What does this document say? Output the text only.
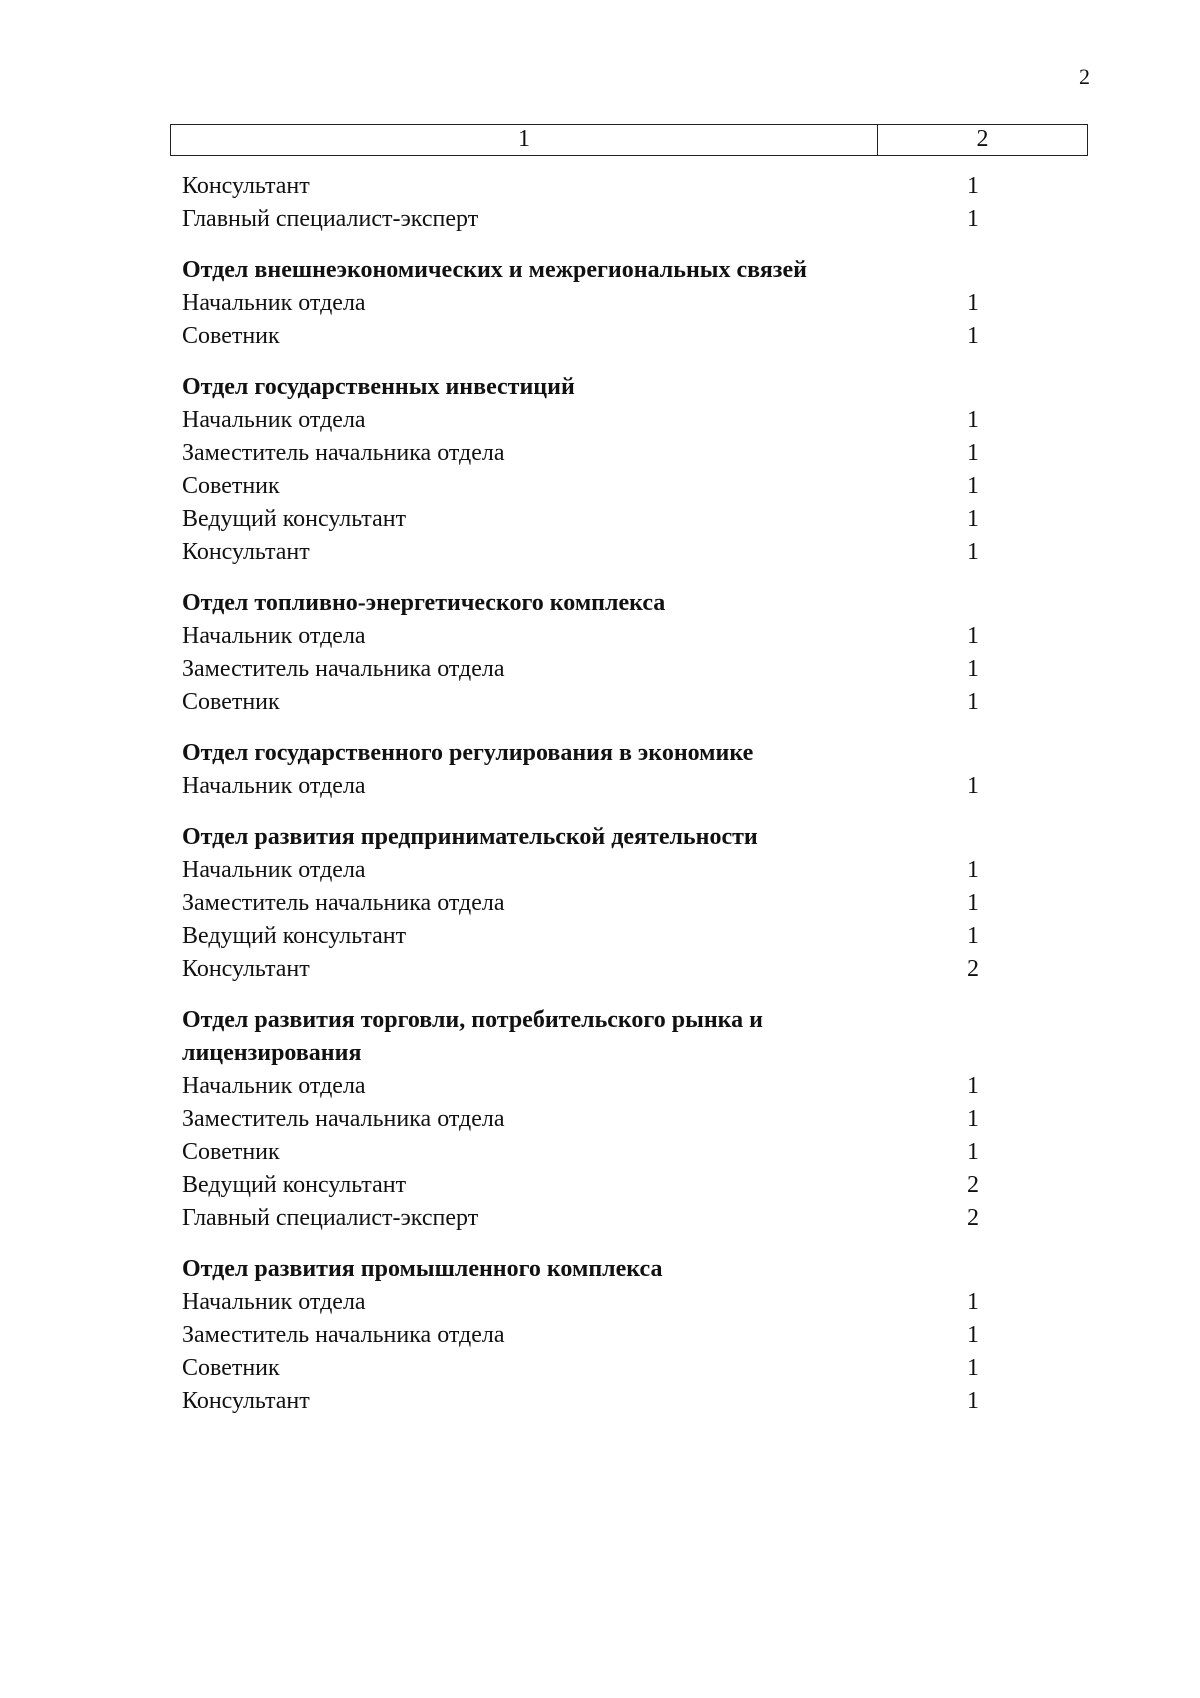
2
1	2
Консультант	1
Главный специалист-эксперт	1
Отдел внешнеэкономических и межрегиональных связей
Начальник отдела	1
Советник	1
Отдел государственных инвестиций
Начальник отдела	1
Заместитель начальника отдела	1
Советник	1
Ведущий консультант	1
Консультант	1
Отдел топливно-энергетического комплекса
Начальник отдела	1
Заместитель начальника отдела	1
Советник	1
Отдел государственного регулирования в экономике
Начальник отдела	1
Отдел развития предпринимательской деятельности
Начальник отдела	1
Заместитель начальника отдела	1
Ведущий консультант	1
Консультант	2
Отдел развития торговли, потребительского рынка и лицензирования
Начальник отдела	1
Заместитель начальника отдела	1
Советник	1
Ведущий консультант	2
Главный специалист-эксперт	2
Отдел развития промышленного комплекса
Начальник отдела	1
Заместитель начальника отдела	1
Советник	1
Консультант	1
